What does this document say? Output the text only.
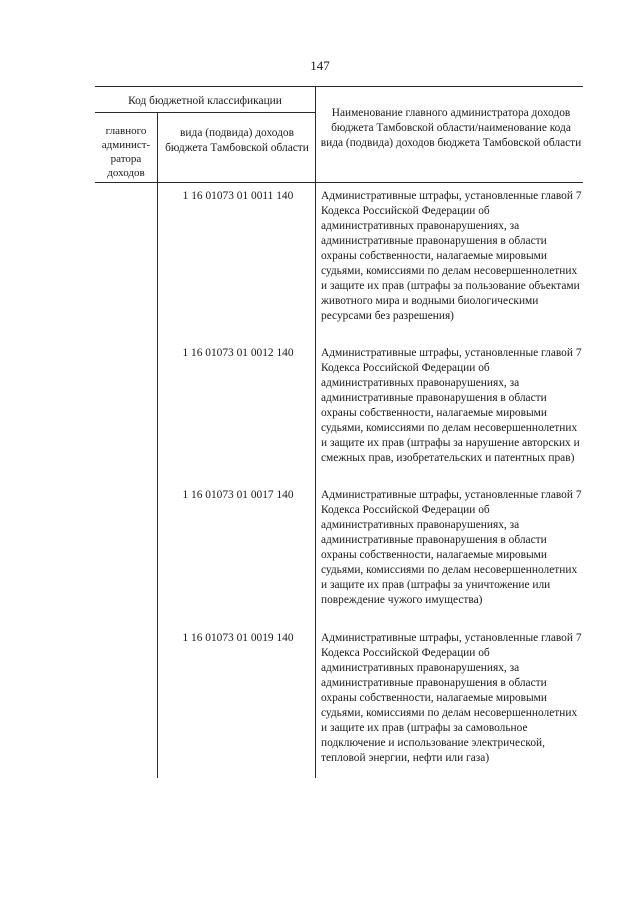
147
Код бюджетной классификации
главного админист-ратора доходов
вида (подвида) доходов бюджета Тамбовской области
Наименование главного администратора доходов бюджета Тамбовской области/наименование кода вида (подвида) доходов бюджета Тамбовской области
1 16 01073 01 0011 140	Административные штрафы, установленные главой 7 Кодекса Российской Федерации об административных правонарушениях, за административные правонарушения в области охраны собственности, налагаемые мировыми судьями, комиссиями по делам несовершеннолетних и защите их прав (штрафы за пользование объектами животного мира и водными биологическими ресурсами без разрешения)
1 16 01073 01 0012 140	Административные штрафы, установленные главой 7 Кодекса Российской Федерации об административных правонарушениях, за административные правонарушения в области охраны собственности, налагаемые мировыми судьями, комиссиями по делам несовершеннолетних и защите их прав (штрафы за нарушение авторских и смежных прав, изобретательских и патентных прав)
1 16 01073 01 0017 140	Административные штрафы, установленные главой 7 Кодекса Российской Федерации об административных правонарушениях, за административные правонарушения в области охраны собственности, налагаемые мировыми судьями, комиссиями по делам несовершеннолетних и защите их прав (штрафы за уничтожение или повреждение чужого имущества)
1 16 01073 01 0019 140	Административные штрафы, установленные главой 7 Кодекса Российской Федерации об административных правонарушениях, за административные правонарушения в области охраны собственности, налагаемые мировыми судьями, комиссиями по делам несовершеннолетних и защите их прав (штрафы за самовольное подключение и использование электрической, тепловой энергии, нефти или газа)
